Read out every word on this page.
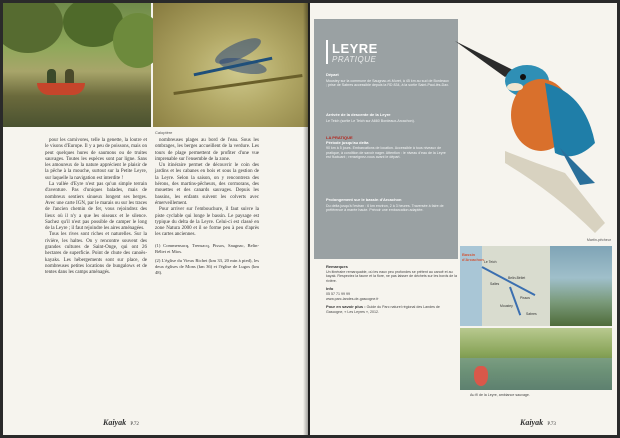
Caloptère

pour les carnivores, telle la genette, la loutre et le visons d'Europe. Il y a peu de poissons, mais on peut quelques hures de saumons ou de truites sauvages. Toutes les espèces sont par ligne. Sans les amoureux de la nature apprécient le plaisir de la pêche à la mouche, surtout sur la Petite Leyre, sur laquelle la navigation est interdite !

La vallée d'Eyre n'est pas qu'un simple terrain d'aventure. Pas d'uniques balades, mais de nombreux sentiers sinueux longent ses berges. Avec une carte IGN, par le marais ou sur les traces de l'ancien chemin de fer, vous rejoindrez des lieux où il n'y a que les oiseaux et le silence. Sachez qu'il n'est pas possible de camper le long de la Leyre ; il faut rejoindre les aires aménagées.

Tous les rives sont riches et naturelles. Sur la rivière, les haltes. On y rencontre souvent des grandes cultures de Saint-Onge, qui ont 26 hectares de superficie. Point de chute des canoës-kayaks. Les hébergements sont sur place, de nombreuses petites locations de bungalows et de tentes dans les camps aménagés.

nombreuses plages au bord de l'eau. Sous les ombrages, les berges accueillent de la verdure. Les tours de plage permettent de profiter d'une vue imprenable sur l'ensemble de la zone.

Un itinéraire permet de découvrir le coin des jardins et les cabanes en bois et sous la gestion de la Leyre. Selon la saison, on y rencontrera des hérons, des martins-pêcheurs, des cormorans, des mouettes et des canards sauvages. Depuis les bassins, les enfants suivent les colverts avec émerveillement.

Pour arriver sur l'embouchure, il faut suivre la piste cyclable qui longe le bassin. Le paysage est typique du delta de la Leyre. Celui-ci est classé en zone Natura 2000 et il se forme peu à peu d'après les cartes anciennes.

(1) Commensacq, Trensacq, Pissos, Saugnac, Belin-Béliet et Mios.

(2) L'église du Vieux Richet (km 33, 20 min à pied), les deux églises de Mons (km 36) et l'église de Lugos (km 48).

Kaiyak P.72
LEYRE
PRATIQUE
Départ
Moustey sur la commune de Saugnac-et-Muret, à 45 km au sud de Bordeaux ; prise de Sabres accessible depuis la RD 834, à la sortie Saint-Paul-lès-Dax.
Arrivée de la descente de la Leyre
Le Teich (sortie Le Teich sur A660 Bordeaux-Arcachon).
LA PRATIQUE
Période jusqu'au delta
90 km à 5 jours. Embarcations de location. Accessible à tous niveaux de pratique, à condition de savoir nager. Attention : le niveau d'eau de la Leyre est fluctuant ; renseignez-vous avant le départ.
Prolongement sur le bassin d'Arcachon
Du delta jusqu'à l'estran : 6 km environ, 2 à 3 heures. Traversée à faire de préférence à marée haute. Prévoir une embarcation adaptée.
Martin-pêcheur
Remarques
Un itinéraire remarquable, où les eaux peu profondes se prêtent au canoë et au kayak. Respectez la faune et la flore, ne pas laisser de déchets sur les bords de la rivière.
Info
05 57 71 99 99
www.parc-landes-de-gascogne.fr
Pour en savoir plus : Guide du Parc naturel régional des Landes de Gascogne, « Les Leyres », 2012.
Bassin d'Arcachon Le Teich
Belin-Béliet
Pissos
Sabres
Moustey
Salles
Au fil de la Leyre, ambiance sauvage.
Kaiyak P.73
